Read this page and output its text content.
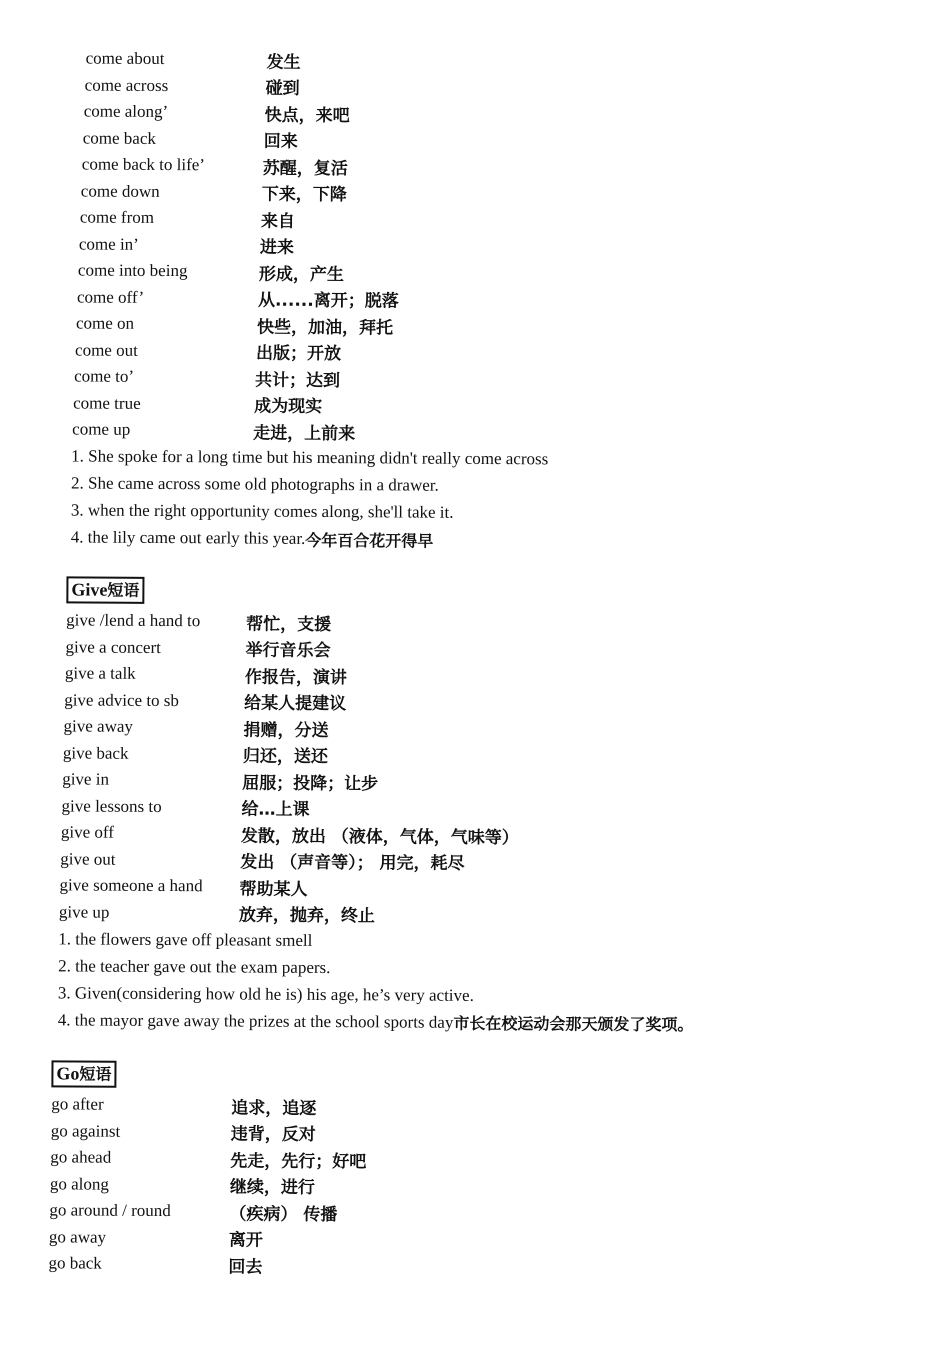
come about	发生
come across	碰到
come along’	快点，来吧
come back	回来
come back to life’	苏醒，复活
come down	下来，下降
come from	来自
come in’	进来
come into being	形成，产生
come off’	从......离开；脱落
come on	快些，加油，拜托
come out	出版；开放
come to’	共计；达到
come true	成为现实
come up	走进，上前来
1. She spoke for a long time but his meaning didn't really come across
2. She came across some old photographs in a drawer.
3. when the right opportunity comes along, she'll take it.
4. the lily came out early this year. 今年百合花开得早
Give短语
give /lend a hand to	帮忙，支援
give a concert	举行音乐会
give a talk	作报告，演讲
give advice to sb	给某人提建议
give away	捐赠，分送
give back	归还，送还
give in	屈服；投降；让步
give lessons to	给…上课
give off	发散，放出 （液体，气体，气味等）
give out	发出 （声音等）； 用完，耗尽
give someone a hand	帮助某人
give up	放弃，抛弃，终止
1. the flowers gave off pleasant smell
2. the teacher gave out the exam papers.
3. Given(considering how old he is) his age, he’s very active.
4. the mayor gave away the prizes at the school sports day 市长在校运动会那天颁发了奖项。
Go短语
go after	追求，追逐
go against	违背，反对
go ahead	先走，先行；好吧
go along	继续，进行
go around / round	（疾病） 传播
go away	离开
go back	回去
